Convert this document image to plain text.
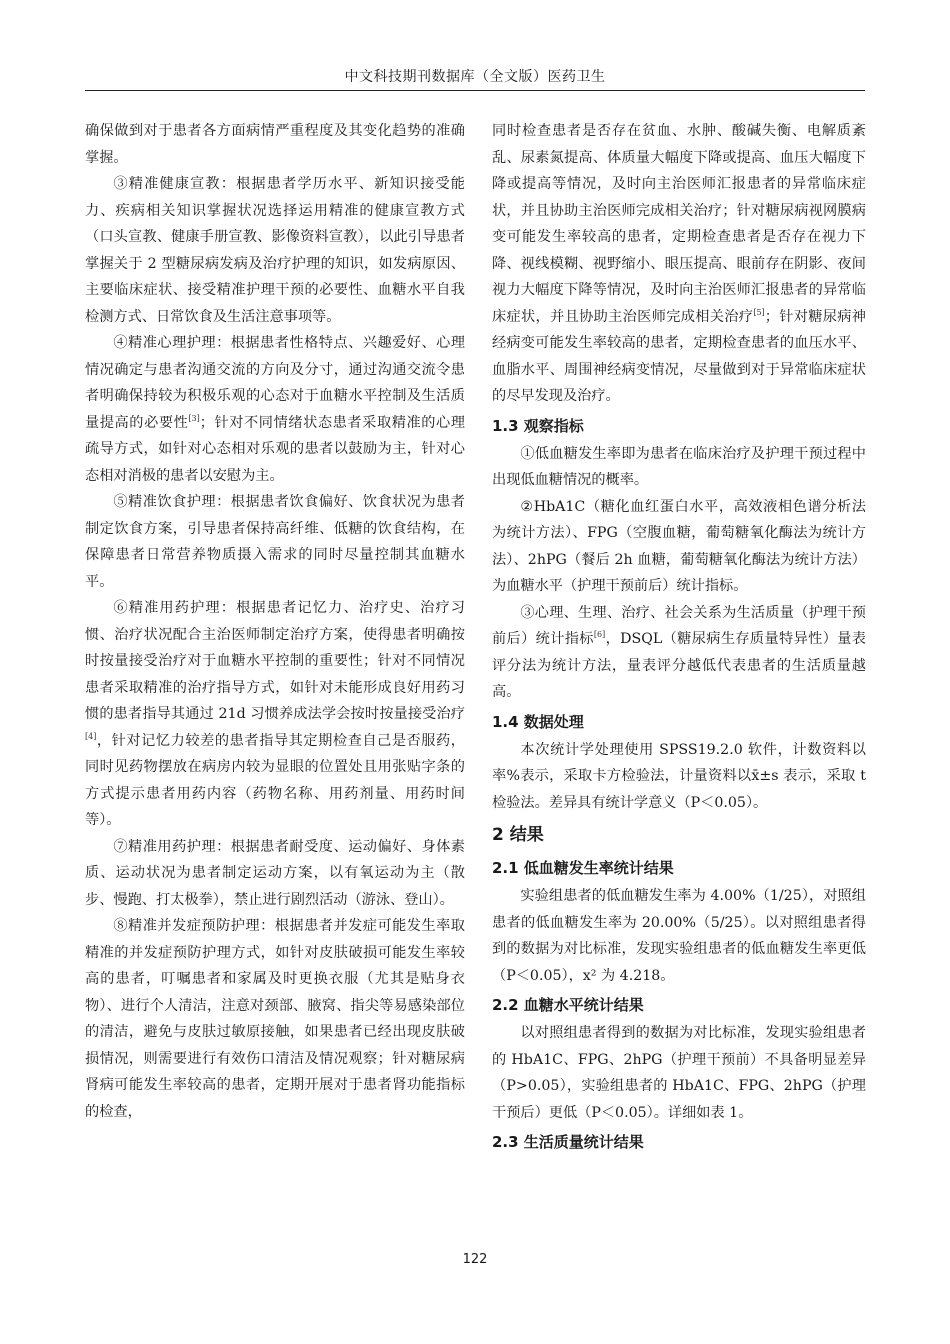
中文科技期刊数据库（全文版）医药卫生

确保做到对于患者各方面病情严重程度及其变化趋势的准确掌握。

③精准健康宣教：根据患者学历水平、新知识接受能力、疾病相关知识掌握状况选择运用精准的健康宣教方式（口头宣教、健康手册宣教、影像资料宣教），以此引导患者掌握关于 2 型糖尿病发病及治疗护理的知识，如发病原因、主要临床症状、接受精准护理干预的必要性、血糖水平自我检测方式、日常饮食及生活注意事项等。

④精准心理护理：根据患者性格特点、兴趣爱好、心理情况确定与患者沟通交流的方向及分寸，通过沟通交流令患者明确保持较为积极乐观的心态对于血糖水平控制及生活质量提高的必要性[3]；针对不同情绪状态患者采取精准的心理疏导方式，如针对心态相对乐观的患者以鼓励为主，针对心态相对消极的患者以安慰为主。

⑤精准饮食护理：根据患者饮食偏好、饮食状况为患者制定饮食方案，引导患者保持高纤维、低糖的饮食结构，在保障患者日常营养物质摄入需求的同时尽量控制其血糖水平。

⑥精准用药护理：根据患者记忆力、治疗史、治疗习惯、治疗状况配合主治医师制定治疗方案，使得患者明确按时按量接受治疗对于血糖水平控制的重要性；针对不同情况患者采取精准的治疗指导方式，如针对未能形成良好用药习惯的患者指导其通过 21d 习惯养成法学会按时按量接受治疗[4]，针对记忆力较差的患者指导其定期检查自己是否服药，同时见药物摆放在病房内较为显眼的位置处且用张贴字条的方式提示患者用药内容（药物名称、用药剂量、用药时间等）。

⑦精准用药护理：根据患者耐受度、运动偏好、身体素质、运动状况为患者制定运动方案，以有氧运动为主（散步、慢跑、打太极拳），禁止进行剧烈活动（游泳、登山）。

⑧精准并发症预防护理：根据患者并发症可能发生率取精准的并发症预防护理方式，如针对皮肤破损可能发生率较高的患者，叮嘱患者和家属及时更换衣服（尤其是贴身衣物）、进行个人清洁，注意对颈部、腋窝、指尖等易感染部位的清洁，避免与皮肤过敏原接触，如果患者已经出现皮肤破损情况，则需要进行有效伤口清洁及情况观察；针对糖尿病肾病可能发生率较高的患者，定期开展对于患者肾功能指标的检查，

同时检查患者是否存在贫血、水肿、酸碱失衡、电解质紊乱、尿素氮提高、体质量大幅度下降或提高、血压大幅度下降或提高等情况，及时向主治医师汇报患者的异常临床症状，并且协助主治医师完成相关治疗；针对糖尿病视网膜病变可能发生率较高的患者，定期检查患者是否存在视力下降、视线模糊、视野缩小、眼压提高、眼前存在阴影、夜间视力大幅度下降等情况，及时向主治医师汇报患者的异常临床症状，并且协助主治医师完成相关治疗[5]；针对糖尿病神经病变可能发生率较高的患者，定期检查患者的血压水平、血脂水平、周围神经病变情况，尽量做到对于异常临床症状的尽早发现及治疗。

1.3 观察指标

①低血糖发生率即为患者在临床治疗及护理干预过程中出现低血糖情况的概率。

②HbA1C（糖化血红蛋白水平，高效液相色谱分析法为统计方法）、FPG（空腹血糖，葡萄糖氧化酶法为统计方法）、2hPG（餐后 2h 血糖，葡萄糖氧化酶法为统计方法）为血糖水平（护理干预前后）统计指标。

③心理、生理、治疗、社会关系为生活质量（护理干预前后）统计指标[6]，DSQL（糖尿病生存质量特异性）量表评分法为统计方法，量表评分越低代表患者的生活质量越高。

1.4 数据处理

本次统计学处理使用 SPSS19.2.0 软件，计数资料以率%表示，采取卡方检验法，计量资料以x̄±s 表示，采取 t 检验法。差异具有统计学意义（P＜0.05）。

2 结果
2.1 低血糖发生率统计结果

实验组患者的低血糖发生率为 4.00%（1/25），对照组患者的低血糖发生率为 20.00%（5/25）。以对照组患者得到的数据为对比标准，发现实验组患者的低血糖发生率更低（P＜0.05），x² 为 4.218。

2.2 血糖水平统计结果

以对照组患者得到的数据为对比标准，发现实验组患者的 HbA1C、FPG、2hPG（护理干预前）不具备明显差异（P>0.05），实验组患者的 HbA1C、FPG、2hPG（护理干预后）更低（P＜0.05）。详细如表 1。

2.3 生活质量统计结果
122
